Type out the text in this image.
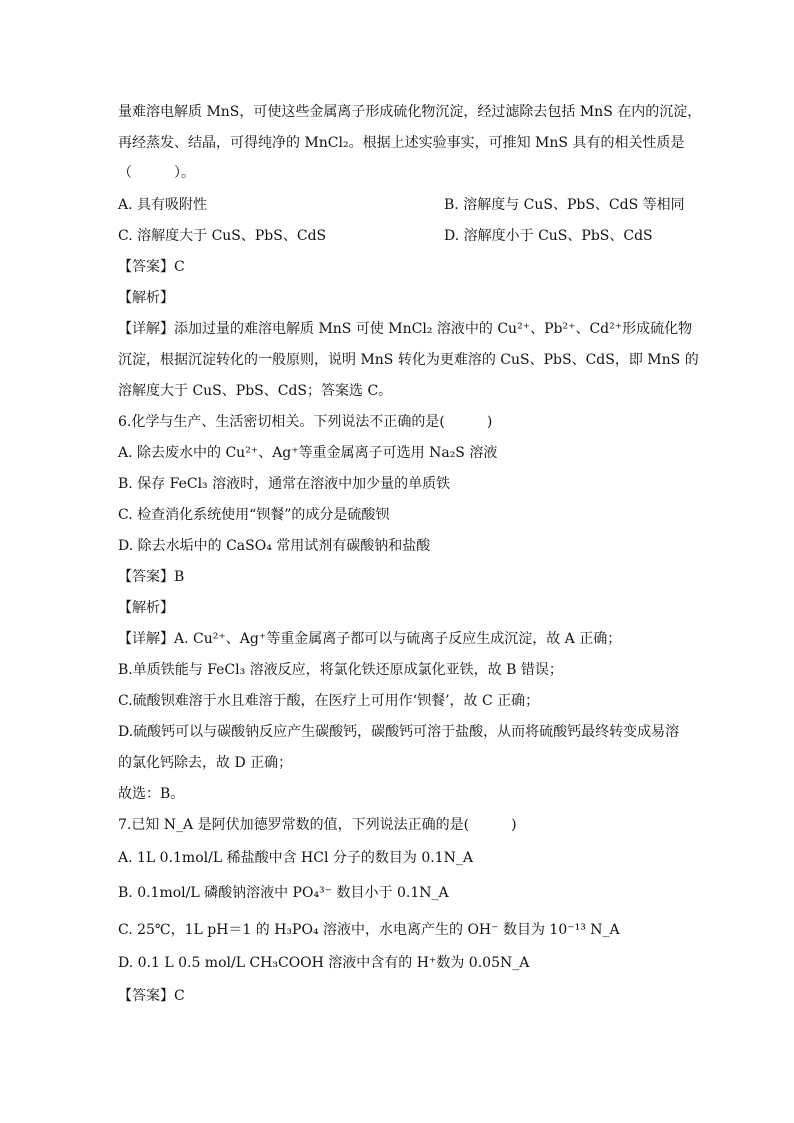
量难溶电解质 MnS，可使这些金属离子形成硫化物沉淀，经过滤除去包括 MnS 在内的沉淀，
再经蒸发、结晶，可得纯净的 MnCl₂。根据上述实验事实，可推知 MnS 具有的相关性质是
（　　　）。
A. 具有吸附性	B. 溶解度与 CuS、PbS、CdS 等相同
C. 溶解度大于 CuS、PbS、CdS	D. 溶解度小于 CuS、PbS、CdS
【答案】C
【解析】
【详解】添加过量的难溶电解质 MnS 可使 MnCl₂ 溶液中的 Cu²⁺、Pb²⁺、Cd²⁺形成硫化物
沉淀，根据沉淀转化的一般原则，说明 MnS 转化为更难溶的 CuS、PbS、CdS，即 MnS 的
溶解度大于 CuS、PbS、CdS；答案选 C。
6.化学与生产、生活密切相关。下列说法不正确的是(　　　)
A. 除去废水中的 Cu²⁺、Ag⁺等重金属离子可选用 Na₂S 溶液
B. 保存 FeCl₃ 溶液时，通常在溶液中加少量的单质铁
C. 检查消化系统使用“钡餐”的成分是硫酸钡
D. 除去水垢中的 CaSO₄ 常用试剂有碳酸钠和盐酸
【答案】B
【解析】
【详解】A. Cu²⁺、Ag⁺等重金属离子都可以与硫离子反应生成沉淀，故 A 正确；
B.单质铁能与 FeCl₃ 溶液反应，将氯化铁还原成氯化亚铁，故 B 错误；
C.硫酸钡难溶于水且难溶于酸，在医疗上可用作‘钡餐’，故 C 正确；
D.硫酸钙可以与碳酸钠反应产生碳酸钙，碳酸钙可溶于盐酸，从而将硫酸钙最终转变成易溶
的氯化钙除去，故 D 正确；
故选：B。
7.已知 N_A 是阿伏加德罗常数的值，下列说法正确的是(　　　)
A. 1L 0.1mol/L 稀盐酸中含 HCl 分子的数目为 0.1N_A
B. 0.1mol/L 磷酸钠溶液中 PO₄³⁻ 数目小于 0.1N_A
C. 25℃，1L pH＝1 的 H₃PO₄ 溶液中，水电离产生的 OH⁻ 数目为 10⁻¹³ N_A
D. 0.1 L 0.5 mol/L CH₃COOH 溶液中含有的 H⁺数为 0.05N_A
【答案】C
